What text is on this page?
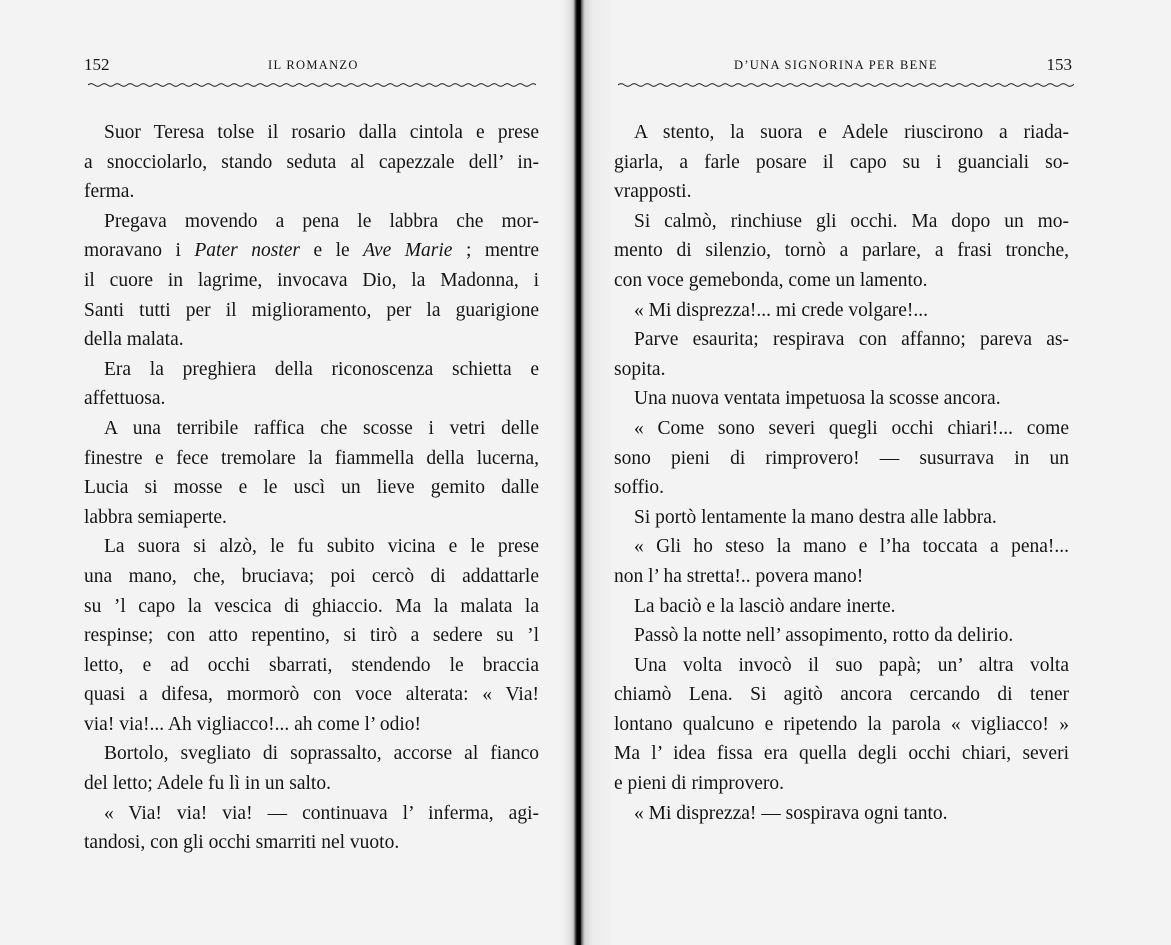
152	IL ROMANZO
Suor Teresa tolse il rosario dalla cintola e prese
a snocciolarlo, stando seduta al capezzale dell’ in-
ferma.
Pregava movendo a pena le labbra che mor-
moravano i Pater noster e le Ave Marie ; mentre
il cuore in lagrime, invocava Dio, la Madonna, i
Santi tutti per il miglioramento, per la guarigione
della malata.
Era la preghiera della riconoscenza schietta e
affettuosa.
A una terribile raffica che scosse i vetri delle
finestre e fece tremolare la fiammella della lucerna,
Lucia si mosse e le uscì un lieve gemito dalle
labbra semiaperte.
La suora si alzò, le fu subito vicina e le prese
una mano, che, bruciava; poi cercò di addattarle
su ’l capo la vescica di ghiaccio. Ma la malata la
respinse; con atto repentino, si tirò a sedere su ’l
letto, e ad occhi sbarrati, stendendo le braccia
quasi a difesa, mormorò con voce alterata: « Via!
via! via!... Ah vigliacco!... ah come l’ odio!
Bortolo, svegliato di soprassalto, accorse al fianco
del letto; Adele fu lì in un salto.
« Via! via! via! — continuava l’ inferma, agi-
tandosi, con gli occhi smarriti nel vuoto.
D’UNA SIGNORINA PER BENE	153
A stento, la suora e Adele riuscirono a riada-
giarla, a farle posare il capo su i guanciali so-
vrapposti.
Si calmò, rinchiuse gli occhi. Ma dopo un mo-
mento di silenzio, tornò a parlare, a frasi tronche,
con voce gemebonda, come un lamento.
« Mi disprezza!... mi crede volgare!...
Parve esaurita; respirava con affanno; pareva as-
sopita.
Una nuova ventata impetuosa la scosse ancora.
« Come sono severi quegli occhi chiari!... come
sono pieni di rimprovero! — susurrava in un
soffio.
Si portò lentamente la mano destra alle labbra.
« Gli ho steso la mano e l’ha toccata a pena!...
non l’ ha stretta!.. povera mano!
La baciò e la lasciò andare inerte.
Passò la notte nell’ assopimento, rotto da delirio.
Una volta invocò il suo papà; un’ altra volta
chiamò Lena. Si agitò ancora cercando di tener
lontano qualcuno e ripetendo la parola « vigliacco! »
Ma l’ idea fissa era quella degli occhi chiari, severi
e pieni di rimprovero.
« Mi disprezza! — sospirava ogni tanto.
